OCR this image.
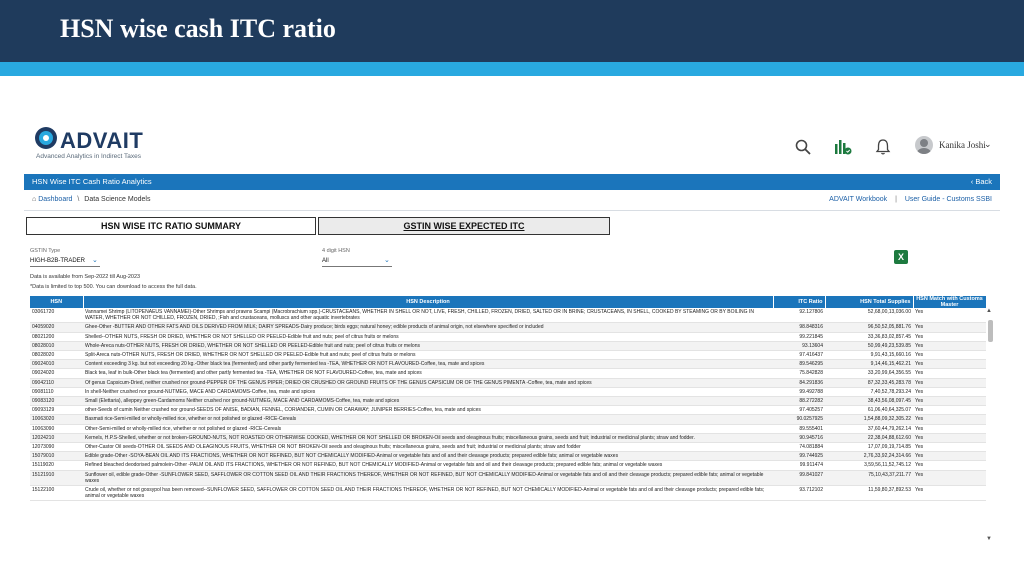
HSN wise cash ITC ratio
ADVAIT
Advanced Analytics in Indirect Taxes
Kanika Joshi
⌄
HSN Wise ITC Cash Ratio Analytics	‹ Back
⌂ Dashboard \ Data Science Models	ADVAIT Workbook | User Guide - Customs SSBI
HSN WISE ITC RATIO SUMMARY	GSTIN WISE EXPECTED ITC
GSTIN Type
HIGH-B2B-TRADER ⌄
4 digit HSN
All	⌄	X
Data is available from Sep-2022 till Aug-2023
*Data is limited to top 500. You can download to access the full data.
HSN	HSN Description	ITC Ratio	HSN Total Supplies	HSN Match with Customs Master
03061720	Vannamei Shrimp (LITOPENAEUS VANNAMEI)-Other Shrimps and prawns Scampi (Macrobrachium spp.)-CRUSTACEANS, WHETHER IN SHELL OR NOT, LIVE, FRESH, CHILLED, FROZEN, DRIED, SALTED OR IN BRINE; CRUSTACEANS, IN SHELL, COOKED BY STEAMING OR BY BOILING IN WATER, WHETHER OR NOT CHILLED, FROZEN, DRIED, ;Fish and crustaceans, molluscs and other aquatic invertebrates	92.127806	52,68,00,13,036.00	Yes
04059020	Ghee-Other -BUTTER AND OTHER FATS AND OILS DERIVED FROM MILK; DAIRY SPREADS-Dairy produce; birds eggs; natural honey; edible products of animal origin, not elsewhere specified or included	98.848316	96,50,52,05,881.76	Yes
08021200	Shelled--OTHER NUTS, FRESH OR DRIED, WHETHER OR NOT SHELLED OR PEELED-Edible fruit and nuts; peel of citrus fruits or melons	99.221845	33,36,83,02,857.45	Yes
08028010	Whole-Areca nuts-OTHER NUTS, FRESH OR DRIED, WHETHER OR NOT SHELLED OR PEELED-Edible fruit and nuts; peel of citrus fruits or melons	93.13604	50,99,49,23,539.85	Yes
08028020	Split-Areca nuts-OTHER NUTS, FRESH OR DRIED, WHETHER OR NOT SHELLED OR PEELED-Edible fruit and nuts; peel of citrus fruits or melons	97.416437	9,91,43,15,660.16	Yes
09024010	Content exceeding 3 kg. but not exceeding 20 kg.-Other black tea (fermented) and other partly fermented tea -TEA, WHETHER OR NOT FLAVOURED-Coffee, tea, mate and spices	89.546295	9,14,46,15,462.21	Yes
09024020	Black tea, leaf in bulk-Other black tea (fermented) and other partly fermented tea -TEA, WHETHER OR NOT FLAVOURED-Coffee, tea, mate and spices	75.842828	33,20,99,64,356.55	Yes
09042110	Of genus Capsicum-Dried, neither crushed nor ground-PEPPER OF THE GENUS PIPER; DRIED OR CRUSHED OR GROUND FRUITS OF THE GENUS CAPSICUM OR OF THE GENUS PIMENTA -Coffee, tea, mate and spices	84.291836	87,32,33,45,283.78	Yes
09081110	In shell-Neither crushed nor ground-NUTMEG, MACE AND CARDAMOMS-Coffee, tea, mate and spices	99.492788	7,40,52,78,293.24	Yes
09083120	Small (Elettaria), alleppey green-Cardamoms Neither crushed nor ground-NUTMEG, MACE AND CARDAMOMS-Coffee, tea, mate and spices	88.272282	38,43,56,08,097.45	Yes
09093129	other-Seeds of cumin Neither crushed nor ground-SEEDS OF ANISE, BADIAN, FENNEL, CORIANDER, CUMIN OR CARAWAY; JUNIPER BERRIES-Coffee, tea, mate and spices	97.405257	61,06,40,64,325.07	Yes
10063020	Basmati rice-Semi-milled or wholly-milled rice, whether or not polished or glazed -RICE-Cereals	90.0257925	1,54,88,09,32,305.22	Yes
10063090	Other-Semi-milled or wholly-milled rice, whether or not polished or glazed -RICE-Cereals	89.555401	37,60,44,79,262.14	Yes
12024210	Kernels, H.P.S-Shelled, whether or not broken-GROUND-NUTS, NOT ROASTED OR OTHERWISE COOKED, WHETHER OR NOT SHELLED OR BROKEN-Oil seeds and oleaginous fruits; miscellaneous grains, seeds and fruit; industrial or medicinal plants; straw and fodder.	90.945716	22,38,04,88,612.60	Yes
12073090	Other-Castor Oil seeds-OTHER OIL SEEDS AND OLEAGINOUS FRUITS, WHETHER OR NOT BROKEN-Oil seeds and oleaginous fruits; miscellaneous grains, seeds and fruit; industrial or medicinal plants; straw and fodder	74.081884	17,07,09,19,714.85	Yes
15079010	Edible grade-Other -SOYA-BEAN OIL AND ITS FRACTIONS, WHETHER OR NOT REFINED, BUT NOT CHEMICALLY MODIFIED-Animal or vegetable fats and oil and their cleavage products; prepared edible fats; animal or vegetable waxes	99.744925	2,76,33,92,24,314.66	Yes
15119020	Refined bleached deodorised palmolein-Other -PALM OIL AND ITS FRACTIONS, WHETHER OR NOT REFINED, BUT NOT CHEMICALLY MODIFIED-Animal or vegetable fats and oil and their cleavage products; prepared edible fats; animal or vegetable waxes	99.911474	3,59,56,11,52,745.12	Yes
15121910	Sunflower oil, edible grade-Other -SUNFLOWER SEED, SAFFLOWER OR COTTON SEED OIL AND THEIR FRACTIONS THEREOF, WHETHER OR NOT REFINED, BUT NOT CHEMICALLY MODIFIED-Animal or vegetable fats and oil and their cleavage products; prepared edible fats; animal or vegetable waxes	99.841027	75,10,43,37,211.77	Yes
15122100	Crude oil, whether or not gossypol has been removed--SUNFLOWER SEED, SAFFLOWER OR COTTON SEED OIL AND THEIR FRACTIONS THEREOF, WHETHER OR NOT REFINED, BUT NOT CHEMICALLY MODIFIED-Animal or vegetable fats and oil and their cleavage products; prepared edible fats; animal or vegetable waxes	93.712102	11,59,80,37,892.53	Yes
▲
▼
